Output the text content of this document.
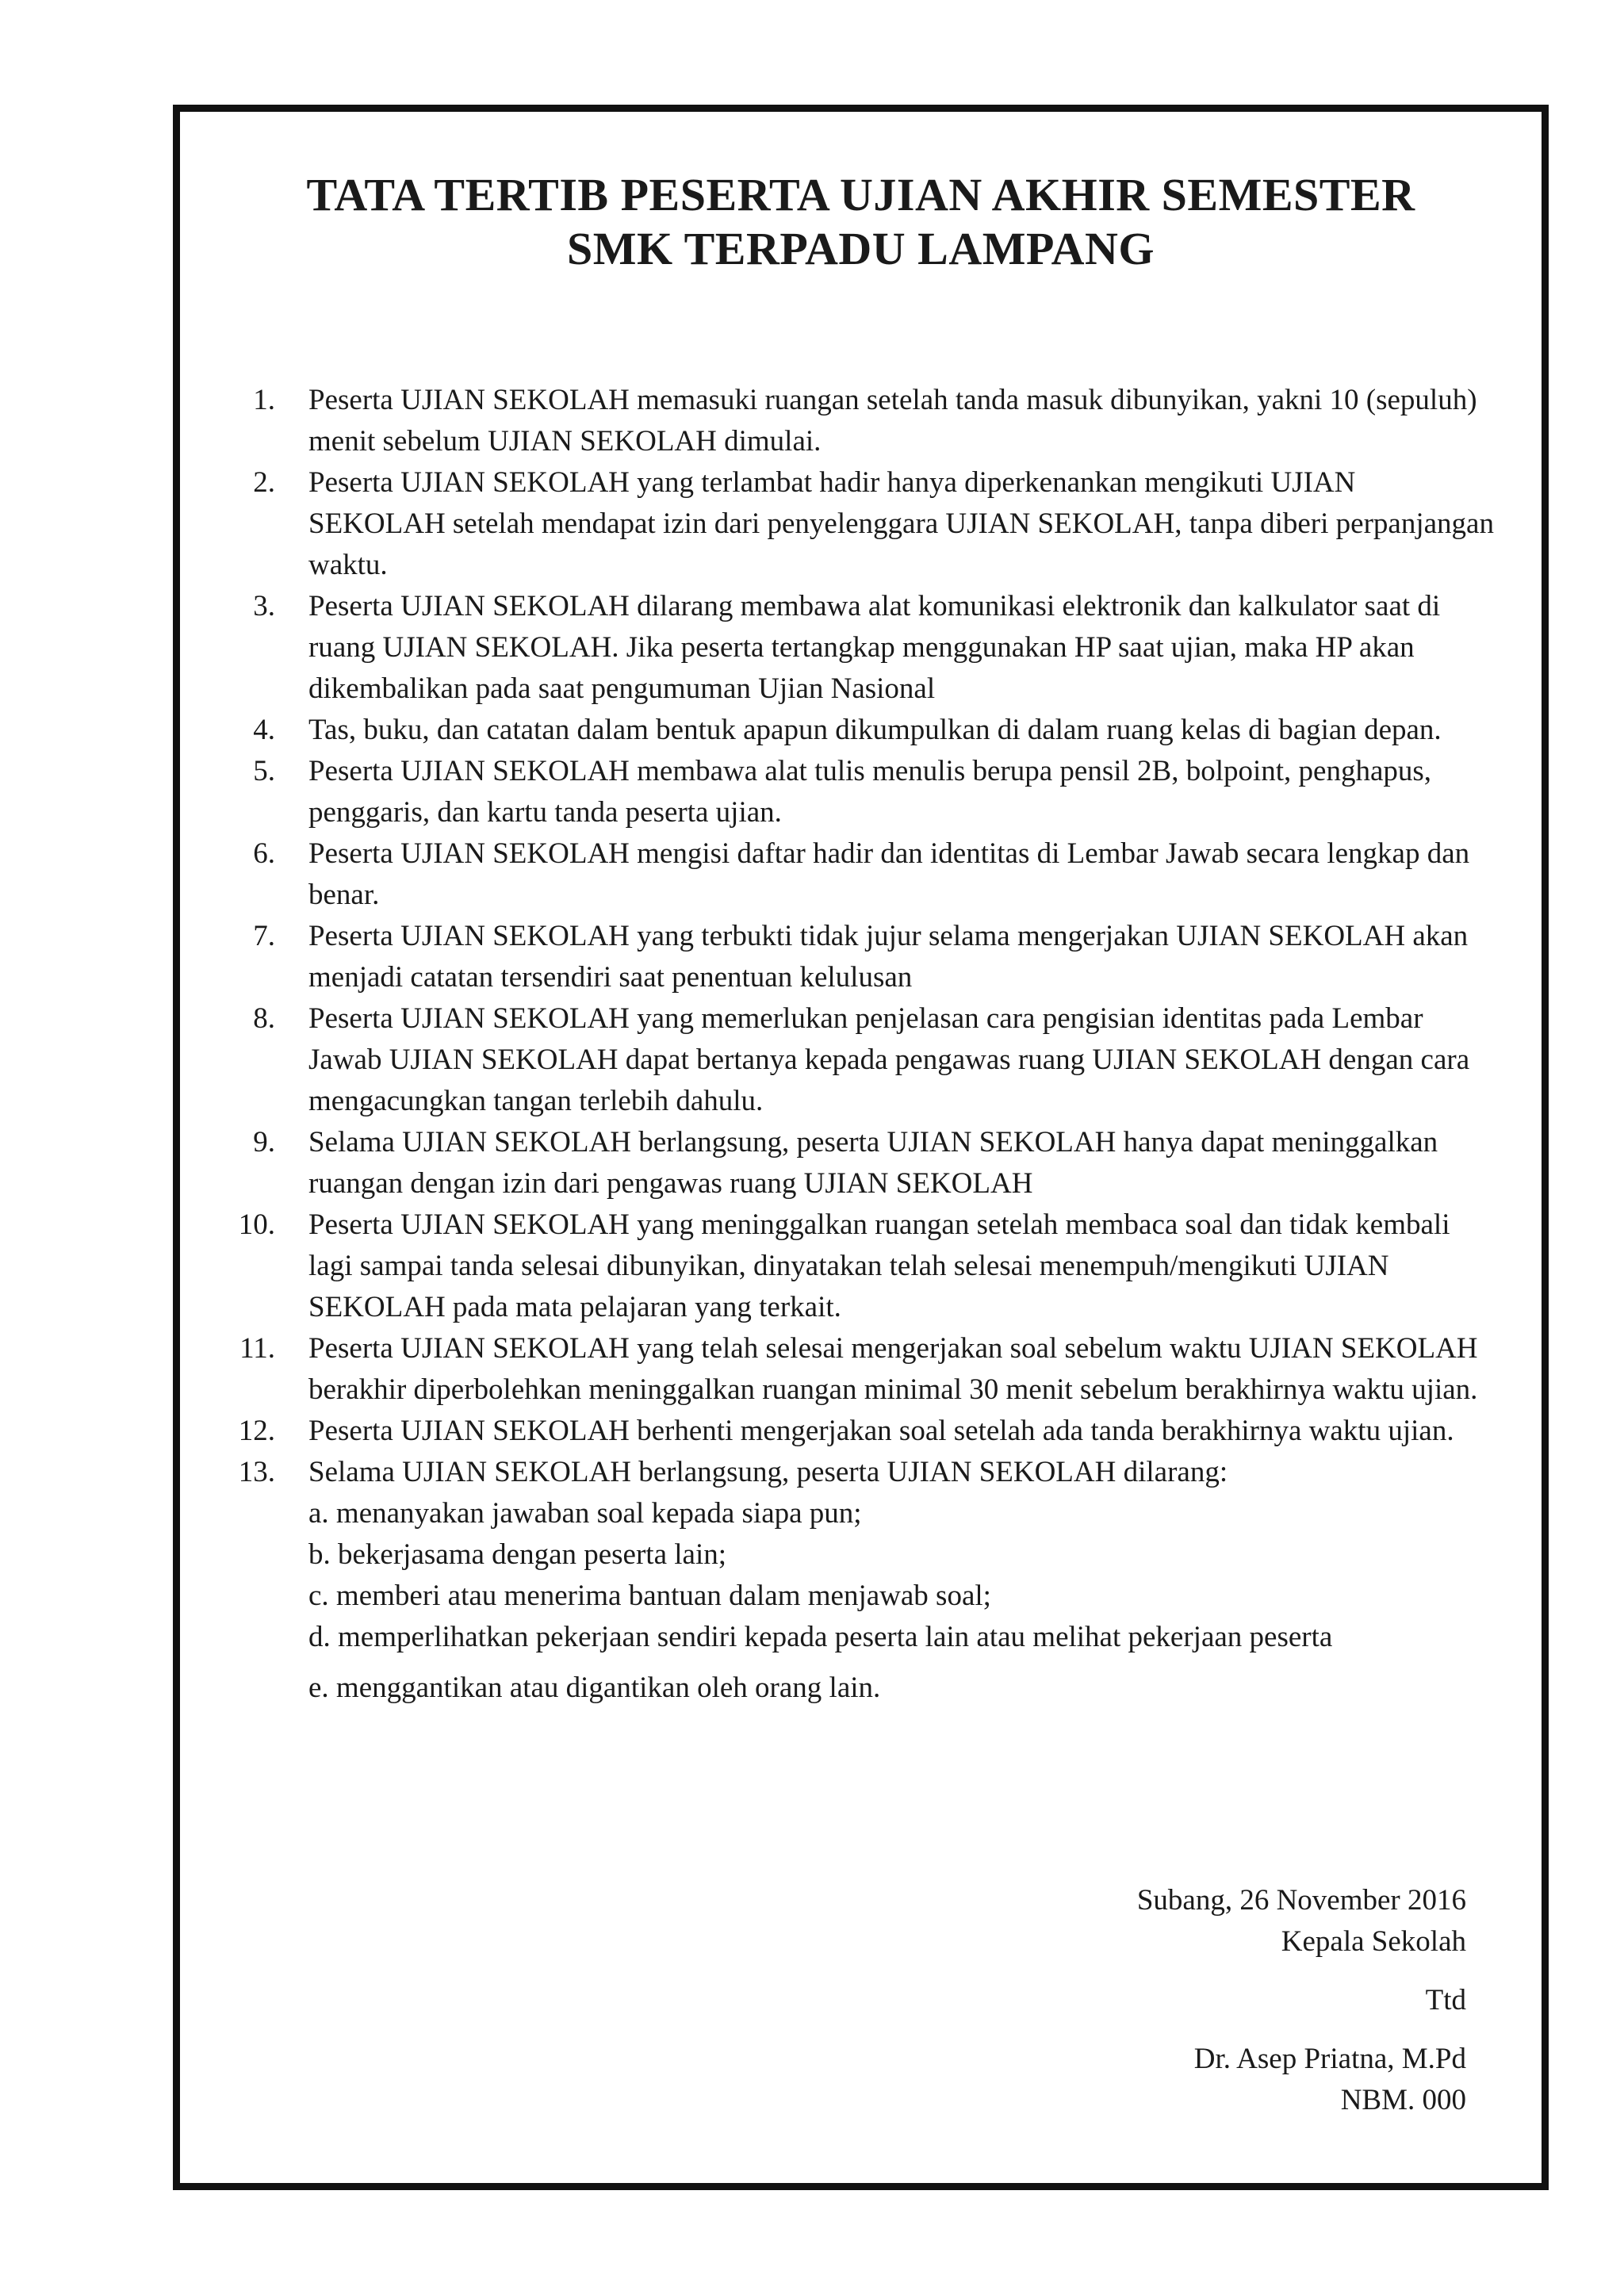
TATA TERTIB PESERTA UJIAN AKHIR SEMESTER
SMK TERPADU LAMPANG
1. Peserta UJIAN SEKOLAH memasuki ruangan setelah tanda masuk dibunyikan, yakni 10 (sepuluh) menit sebelum UJIAN SEKOLAH dimulai.
2. Peserta UJIAN SEKOLAH yang terlambat hadir hanya diperkenankan mengikuti UJIAN SEKOLAH setelah mendapat izin dari penyelenggara UJIAN SEKOLAH, tanpa diberi perpanjangan waktu.
3. Peserta UJIAN SEKOLAH dilarang membawa alat komunikasi elektronik dan kalkulator saat di ruang UJIAN SEKOLAH. Jika peserta tertangkap menggunakan HP saat ujian, maka HP akan dikembalikan pada saat pengumuman Ujian Nasional
4. Tas, buku, dan catatan dalam bentuk apapun dikumpulkan di dalam ruang kelas di bagian depan.
5. Peserta UJIAN SEKOLAH membawa alat tulis menulis berupa pensil 2B, bolpoint, penghapus, penggaris, dan kartu tanda peserta ujian.
6. Peserta UJIAN SEKOLAH mengisi daftar hadir dan identitas di Lembar Jawab secara lengkap dan benar.
7. Peserta UJIAN SEKOLAH yang terbukti tidak jujur selama mengerjakan UJIAN SEKOLAH akan menjadi catatan tersendiri saat penentuan kelulusan
8. Peserta UJIAN SEKOLAH yang memerlukan penjelasan cara pengisian identitas pada Lembar Jawab UJIAN SEKOLAH dapat bertanya kepada pengawas ruang UJIAN SEKOLAH dengan cara mengacungkan tangan terlebih dahulu.
9. Selama UJIAN SEKOLAH berlangsung, peserta UJIAN SEKOLAH hanya dapat meninggalkan ruangan dengan izin dari pengawas ruang UJIAN SEKOLAH
10. Peserta UJIAN SEKOLAH yang meninggalkan ruangan setelah membaca soal dan tidak kembali lagi sampai tanda selesai dibunyikan, dinyatakan telah selesai menempuh/mengikuti UJIAN SEKOLAH pada mata pelajaran yang terkait.
11. Peserta UJIAN SEKOLAH yang telah selesai mengerjakan soal sebelum waktu UJIAN SEKOLAH berakhir diperbolehkan meninggalkan ruangan minimal 30 menit sebelum berakhirnya waktu ujian.
12. Peserta UJIAN SEKOLAH berhenti mengerjakan soal setelah ada tanda berakhirnya waktu ujian.
13. Selama UJIAN SEKOLAH berlangsung, peserta UJIAN SEKOLAH dilarang:
a. menanyakan jawaban soal kepada siapa pun;
b. bekerjasama dengan peserta lain;
c. memberi atau menerima bantuan dalam menjawab soal;
d. memperlihatkan pekerjaan sendiri kepada peserta lain atau melihat pekerjaan peserta
e. menggantikan atau digantikan oleh orang lain.
Subang, 26 November 2016
Kepala Sekolah
Ttd
Dr. Asep Priatna, M.Pd
NBM. 000
